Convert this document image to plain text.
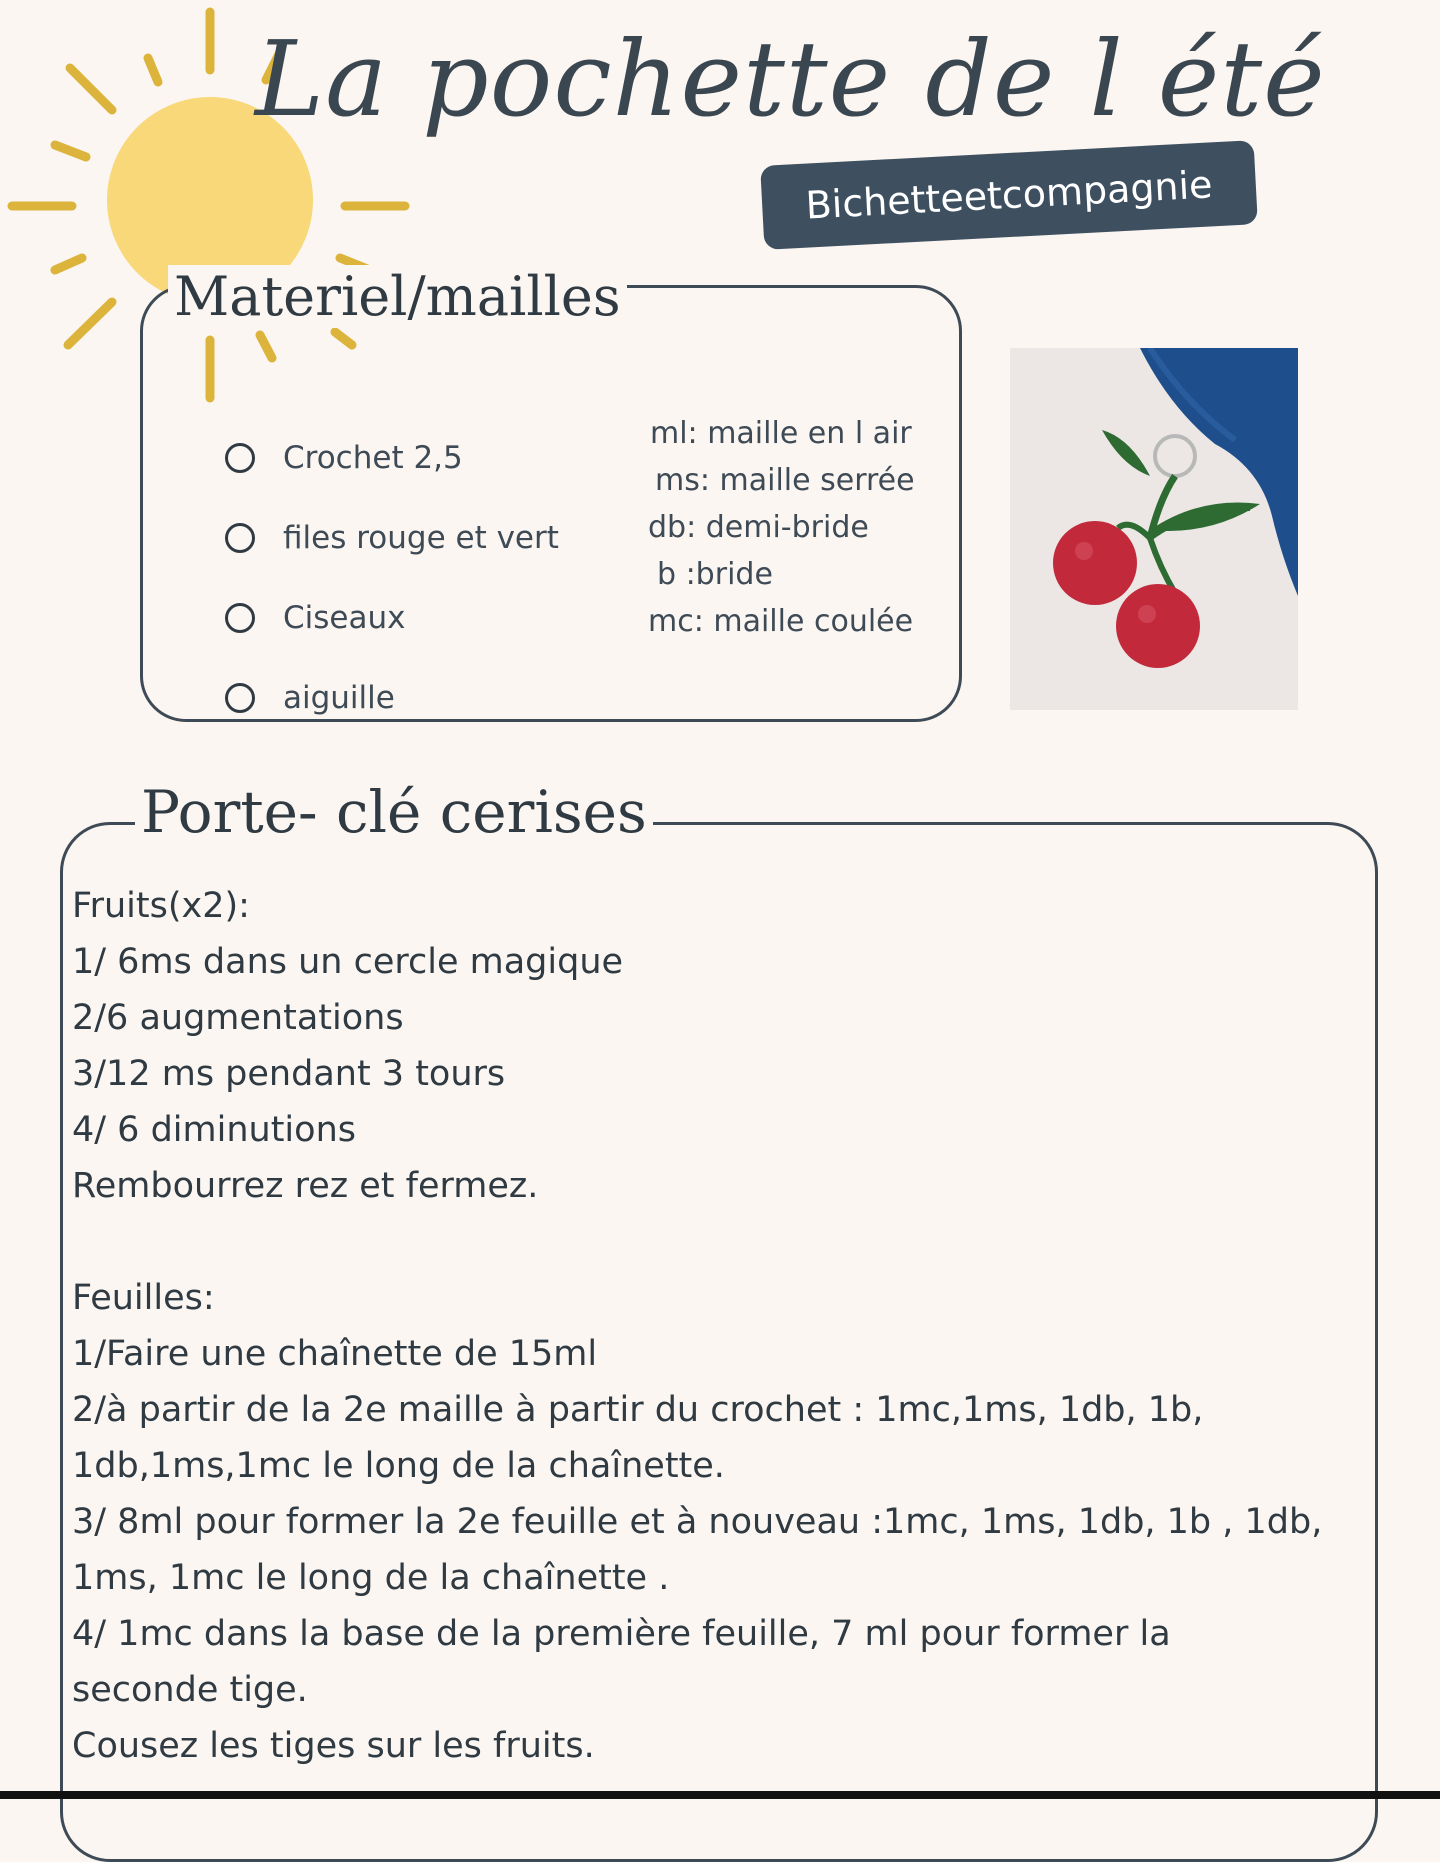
La pochette de l été
Bichetteetcompagnie
Materiel/mailles
Crochet 2,5
files rouge et vert
Ciseaux
aiguille
ml: maille en l air
ms: maille serrée
db: demi-bride
b :bride
mc: maille coulée
Porte- clé cerises
Fruits(x2):
1/ 6ms dans un cercle magique
2/6 augmentations
3/12 ms pendant 3 tours
4/ 6 diminutions
Rembourrez rez et fermez.
Feuilles:
1/Faire une chaînette de 15ml
2/à partir de la 2e maille à partir du crochet : 1mc,1ms, 1db, 1b,
1db,1ms,1mc le long de la chaînette.
3/ 8ml pour former la 2e feuille et à nouveau :1mc, 1ms, 1db, 1b , 1db,
1ms, 1mc le long de la chaînette .
4/ 1mc dans la base de la première feuille, 7 ml pour former la
seconde tige.
Cousez les tiges sur les fruits.
